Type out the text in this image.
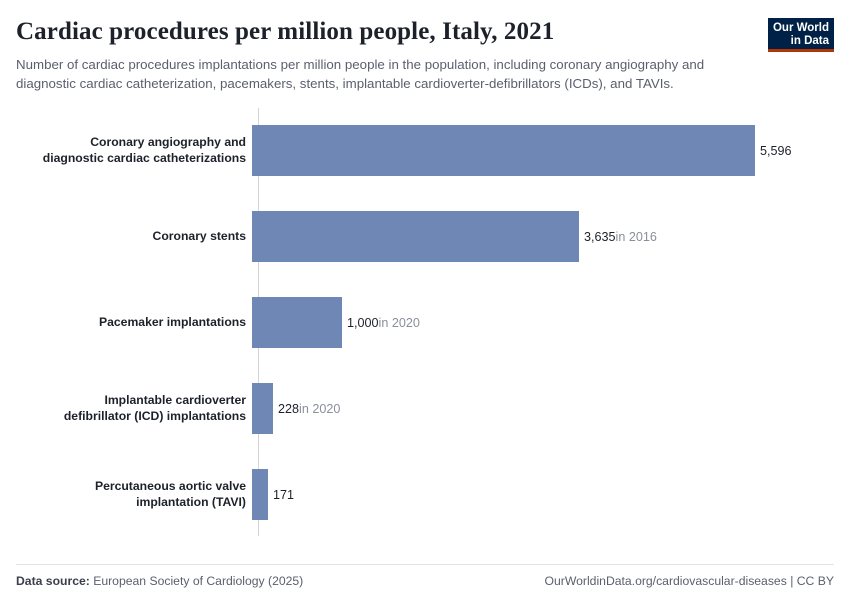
Our World
in Data
Cardiac procedures per million people, Italy, 2021

Number of cardiac procedures implantations per million people in the population, including coronary angiography and diagnostic cardiac catheterization, pacemakers, stents, implantable cardioverter-defibrillators (ICDs), and TAVIs.

Coronary angiography and
diagnostic cardiac catheterizations	5,596
Coronary stents	3,635in 2016
Pacemaker implantations	1,000in 2020
Implantable cardioverter
defibrillator (ICD) implantations	228in 2020
Percutaneous aortic valve
implantation (TAVI) 171
Data source: European Society of Cardiology (2025)	OurWorldinData.org/cardiovascular-diseases | CC BY
